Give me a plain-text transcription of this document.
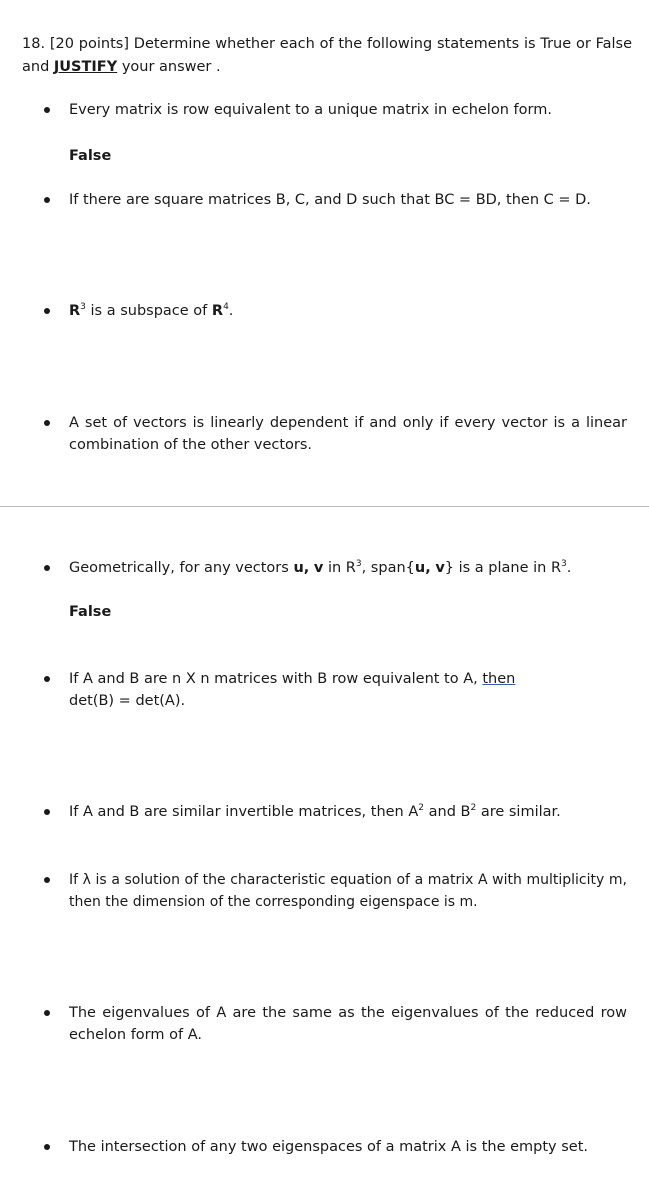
18. [20 points] Determine whether each of the following statements is True or False and JUSTIFY your answer .

Every matrix is row equivalent to a unique matrix in echelon form.

False

If there are square matrices B, C, and D such that BC = BD, then C = D.

$R^3$ is a subspace of $R^4$.

A set of vectors is linearly dependent if and only if every vector is a linear combination of the other vectors.

Geometrically, for any vectors u, v in $R^3$, span{u, v} is a plane in $R^3$.

False

If A and B are n X n matrices with B row equivalent to A, then det(B) = det(A).

If A and B are similar invertible matrices, then $A^2$ and $B^2$ are similar.

If λ is a solution of the characteristic equation of a matrix A with multiplicity m, then the dimension of the corresponding eigenspace is m.

The eigenvalues of A are the same as the eigenvalues of the reduced row echelon form of A.

The intersection of any two eigenspaces of a matrix A is the empty set.
